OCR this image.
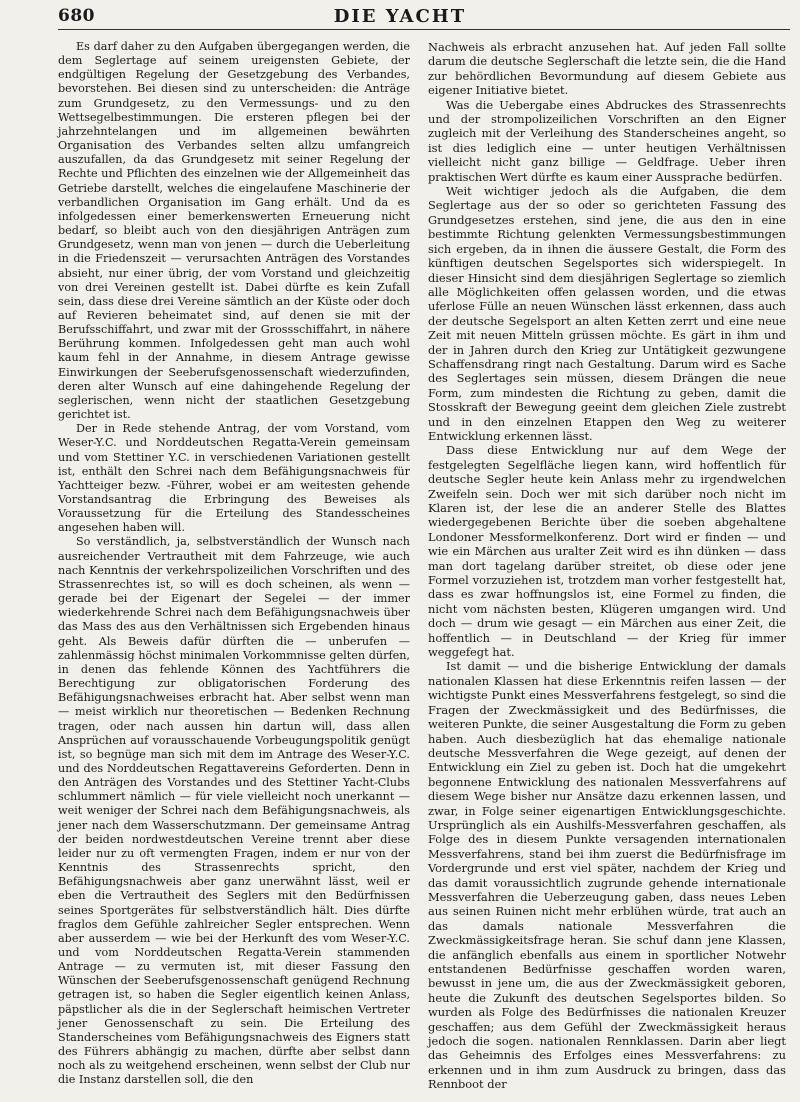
680	DIE YACHT

Es darf daher zu den Aufgaben übergegangen werden, die dem Seglertage auf seinem ureigensten Gebiete, der endgültigen Regelung der Gesetzgebung des Verbandes, bevorstehen. Bei diesen sind zu unterscheiden: die Anträge zum Grundgesetz, zu den Vermessungs- und zu den Wettsegelbestimmungen. Die ersteren pflegen bei der jahrzehntelangen und im allgemeinen bewährten Organisation des Verbandes selten allzu umfangreich auszufallen, da das Grundgesetz mit seiner Regelung der Rechte und Pflichten des einzelnen wie der Allgemeinheit das Getriebe darstellt, welches die eingelaufene Maschinerie der verbandlichen Organisation im Gang erhält. Und da es infolgedessen einer bemerkenswerten Erneuerung nicht bedarf, so bleibt auch von den diesjährigen Anträgen zum Grundgesetz, wenn man von jenen — durch die Ueberleitung in die Friedenszeit — verursachten Anträgen des Vorstandes absieht, nur einer übrig, der vom Vorstand und gleichzeitig von drei Vereinen gestellt ist. Dabei dürfte es kein Zufall sein, dass diese drei Vereine sämtlich an der Küste oder doch auf Revieren beheimatet sind, auf denen sie mit der Berufsschiffahrt, und zwar mit der Grossschiffahrt, in nähere Berührung kommen. Infolgedessen geht man auch wohl kaum fehl in der Annahme, in diesem Antrage gewisse Einwirkungen der Seeberufsgenossenschaft wiederzufinden, deren alter Wunsch auf eine dahingehende Regelung der seglerischen, wenn nicht der staatlichen Gesetzgebung gerichtet ist.

Der in Rede stehende Antrag, der vom Vorstand, vom Weser-Y.C. und Norddeutschen Regatta-Verein gemeinsam und vom Stettiner Y.C. in verschiedenen Variationen gestellt ist, enthält den Schrei nach dem Befähigungsnachweis für Yachtteiger bezw. -Führer, wobei er am weitesten gehende Vorstandsantrag die Erbringung des Beweises als Voraussetzung für die Erteilung des Standesscheines angesehen haben will.

So verständlich, ja, selbstverständlich der Wunsch nach ausreichender Vertrautheit mit dem Fahrzeuge, wie auch nach Kenntnis der verkehrspolizeilichen Vorschriften und des Strassenrechtes ist, so will es doch scheinen, als wenn — gerade bei der Eigenart der Segelei — der immer wiederkehrende Schrei nach dem Befähigungsnachweis über das Mass des aus den Verhältnissen sich Ergebenden hinaus geht. Als Beweis dafür dürften die — unberufen — zahlenmässig höchst minimalen Vorkommnisse gelten dürfen, in denen das fehlende Können des Yachtführers die Berechtigung zur obligatorischen Forderung des Befähigungsnachweises erbracht hat. Aber selbst wenn man — meist wirklich nur theoretischen — Bedenken Rechnung tragen, oder nach aussen hin dartun will, dass allen Ansprüchen auf vorausschauende Vorbeugungspolitik genügt ist, so begnüge man sich mit dem im Antrage des Weser-Y.C. und des Norddeutschen Regattavereins Geforderten. Denn in den Anträgen des Vorstandes und des Stettiner Yacht-Clubs schlummert nämlich — für viele vielleicht noch unerkannt — weit weniger der Schrei nach dem Befähigungsnachweis, als jener nach dem Wasserschutzmann. Der gemeinsame Antrag der beiden nordwestdeutschen Vereine trennt aber diese leider nur zu oft vermengten Fragen, indem er nur von der Kenntnis des Strassenrechts spricht, den Befähigungsnachweis aber ganz unerwähnt lässt, weil er eben die Vertrautheit des Seglers mit den Bedürfnissen seines Sportgerätes für selbstverständlich hält. Dies dürfte fraglos dem Gefühle zahlreicher Segler entsprechen. Wenn aber ausserdem — wie bei der Herkunft des vom Weser-Y.C. und vom Norddeutschen Regatta-Verein stammenden Antrage — zu vermuten ist, mit dieser Fassung den Wünschen der Seeberufsgenossenschaft genügend Rechnung getragen ist, so haben die Segler eigentlich keinen Anlass, päpstlicher als die in der Seglerschaft heimischen Vertreter jener Genossenschaft zu sein. Die Erteilung des Standerscheines vom Befähigungsnachweis des Eigners statt des Führers abhängig zu machen, dürfte aber selbst dann noch als zu weitgehend erscheinen, wenn selbst der Club nur die Instanz darstellen soll, die den

Nachweis als erbracht anzusehen hat. Auf jeden Fall sollte darum die deutsche Seglerschaft die letzte sein, die die Hand zur behördlichen Bevormundung auf diesem Gebiete aus eigener Initiative bietet.

Was die Uebergabe eines Abdruckes des Strassenrechts und der strompolizeilichen Vorschriften an den Eigner zugleich mit der Verleihung des Standerscheines angeht, so ist dies lediglich eine — unter heutigen Verhältnissen vielleicht nicht ganz billige — Geldfrage. Ueber ihren praktischen Wert dürfte es kaum einer Aussprache bedürfen.

Weit wichtiger jedoch als die Aufgaben, die dem Seglertage aus der so oder so gerichteten Fassung des Grundgesetzes erstehen, sind jene, die aus den in eine bestimmte Richtung gelenkten Vermessungsbestimmungen sich ergeben, da in ihnen die äussere Gestalt, die Form des künftigen deutschen Segelsportes sich widerspiegelt. In dieser Hinsicht sind dem diesjährigen Seglertage so ziemlich alle Möglichkeiten offen gelassen worden, und die etwas uferlose Fülle an neuen Wünschen lässt erkennen, dass auch der deutsche Segelsport an alten Ketten zerrt und eine neue Zeit mit neuen Mitteln grüssen möchte. Es gärt in ihm und der in Jahren durch den Krieg zur Untätigkeit gezwungene Schaffensdrang ringt nach Gestaltung. Darum wird es Sache des Seglertages sein müssen, diesem Drängen die neue Form, zum mindesten die Richtung zu geben, damit die Stosskraft der Bewegung geeint dem gleichen Ziele zustrebt und in den einzelnen Etappen den Weg zu weiterer Entwicklung erkennen lässt.

Dass diese Entwicklung nur auf dem Wege der festgelegten Segelfläche liegen kann, wird hoffentlich für deutsche Segler heute kein Anlass mehr zu irgendwelchen Zweifeln sein. Doch wer mit sich darüber noch nicht im Klaren ist, der lese die an anderer Stelle des Blattes wiedergegebenen Berichte über die soeben abgehaltene Londoner Messformelkonferenz. Dort wird er finden — und wie ein Märchen aus uralter Zeit wird es ihn dünken — dass man dort tagelang darüber streitet, ob diese oder jene Formel vorzuziehen ist, trotzdem man vorher festgestellt hat, dass es zwar hoffnungslos ist, eine Formel zu finden, die nicht vom nächsten besten, Klügeren umgangen wird. Und doch — drum wie gesagt — ein Märchen aus einer Zeit, die hoffentlich — in Deutschland — der Krieg für immer weggefegt hat.

Ist damit — und die bisherige Entwicklung der damals nationalen Klassen hat diese Erkenntnis reifen lassen — der wichtigste Punkt eines Messverfahrens festgelegt, so sind die Fragen der Zweckmässigkeit und des Bedürfnisses, die weiteren Punkte, die seiner Ausgestaltung die Form zu geben haben. Auch diesbezüglich hat das ehemalige nationale deutsche Messverfahren die Wege gezeigt, auf denen der Entwicklung ein Ziel zu geben ist. Doch hat die umgekehrt begonnene Entwicklung des nationalen Messverfahrens auf diesem Wege bisher nur Ansätze dazu erkennen lassen, und zwar, in Folge seiner eigenartigen Entwicklungsgeschichte. Ursprünglich als ein Aushilfs-Messverfahren geschaffen, als Folge des in diesem Punkte versagenden internationalen Messverfahrens, stand bei ihm zuerst die Bedürfnisfrage im Vordergrunde und erst viel später, nachdem der Krieg und das damit voraussichtlich zugrunde gehende internationale Messverfahren die Ueberzeugung gaben, dass neues Leben aus seinen Ruinen nicht mehr erblühen würde, trat auch an das damals nationale Messverfahren die Zweckmässigkeitsfrage heran. Sie schuf dann jene Klassen, die anfänglich ebenfalls aus einem in sportlicher Notwehr entstandenen Bedürfnisse geschaffen worden waren, bewusst in jene um, die aus der Zweckmässigkeit geboren, heute die Zukunft des deutschen Segelsportes bilden. So wurden als Folge des Bedürfnisses die nationalen Kreuzer geschaffen; aus dem Gefühl der Zweckmässigkeit heraus jedoch die sogen. nationalen Rennklassen. Darin aber liegt das Geheimnis des Erfolges eines Messverfahrens: zu erkennen und in ihm zum Ausdruck zu bringen, dass das Rennboot der
